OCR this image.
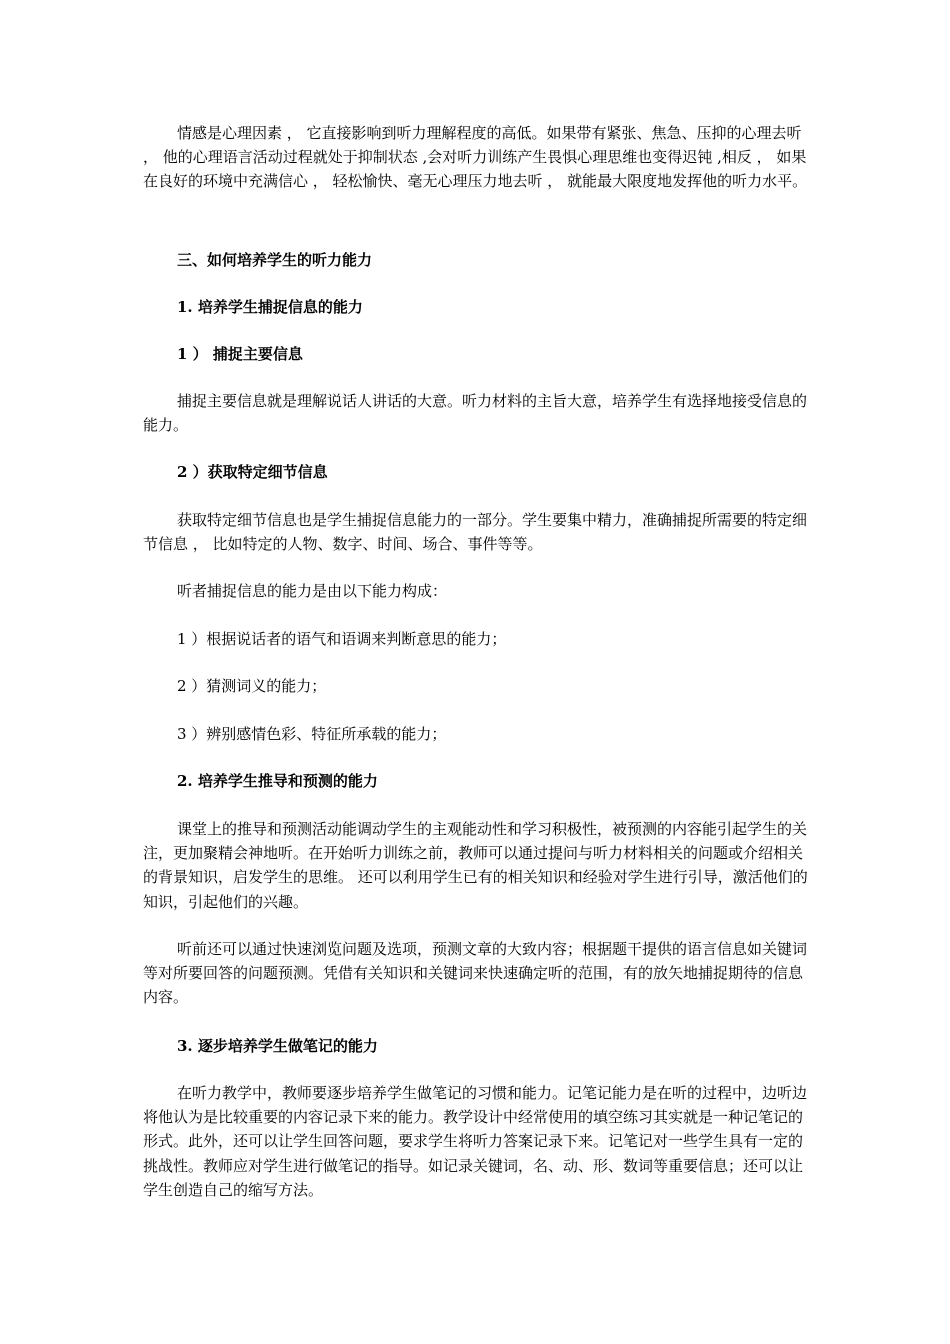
情感是心理因素 ， 它直接影响到听力理解程度的高低。如果带有紧张、焦急、压抑的心理去听 ， 他的心理语言活动过程就处于抑制状态 ,会对听力训练产生畏惧心理思维也变得迟钝 ,相反 ， 如果在良好的环境中充满信心 ， 轻松愉快、毫无心理压力地去听 ， 就能最大限度地发挥他的听力水平。

三、如何培养学生的听力能力

1. 培养学生捕捉信息的能力

1 ） 捕捉主要信息

捕捉主要信息就是理解说话人讲话的大意。听力材料的主旨大意，培养学生有选择地接受信息的能力。

2 ）获取特定细节信息

获取特定细节信息也是学生捕捉信息能力的一部分。学生要集中精力，准确捕捉所需要的特定细节信息 ， 比如特定的人物、数字、时间、场合、事件等等。

听者捕捉信息的能力是由以下能力构成：

1 ）根据说话者的语气和语调来判断意思的能力；

2 ）猜测词义的能力；

3 ）辨别感情色彩、特征所承载的能力；

2. 培养学生推导和预测的能力

课堂上的推导和预测活动能调动学生的主观能动性和学习积极性，被预测的内容能引起学生的关注，更加聚精会神地听。在开始听力训练之前，教师可以通过提问与听力材料相关的问题或介绍相关的背景知识，启发学生的思维。 还可以利用学生已有的相关知识和经验对学生进行引导，激活他们的知识，引起他们的兴趣。

听前还可以通过快速浏览问题及选项，预测文章的大致内容；根据题干提供的语言信息如关键词等对所要回答的问题预测。凭借有关知识和关键词来快速确定听的范围，有的放矢地捕捉期待的信息内容。

3. 逐步培养学生做笔记的能力

在听力教学中，教师要逐步培养学生做笔记的习惯和能力。记笔记能力是在听的过程中，边听边将他认为是比较重要的内容记录下来的能力。教学设计中经常使用的填空练习其实就是一种记笔记的形式。此外，还可以让学生回答问题，要求学生将听力答案记录下来。记笔记对一些学生具有一定的挑战性。教师应对学生进行做笔记的指导。如记录关键词，名、动、形、数词等重要信息；还可以让学生创造自己的缩写方法。
